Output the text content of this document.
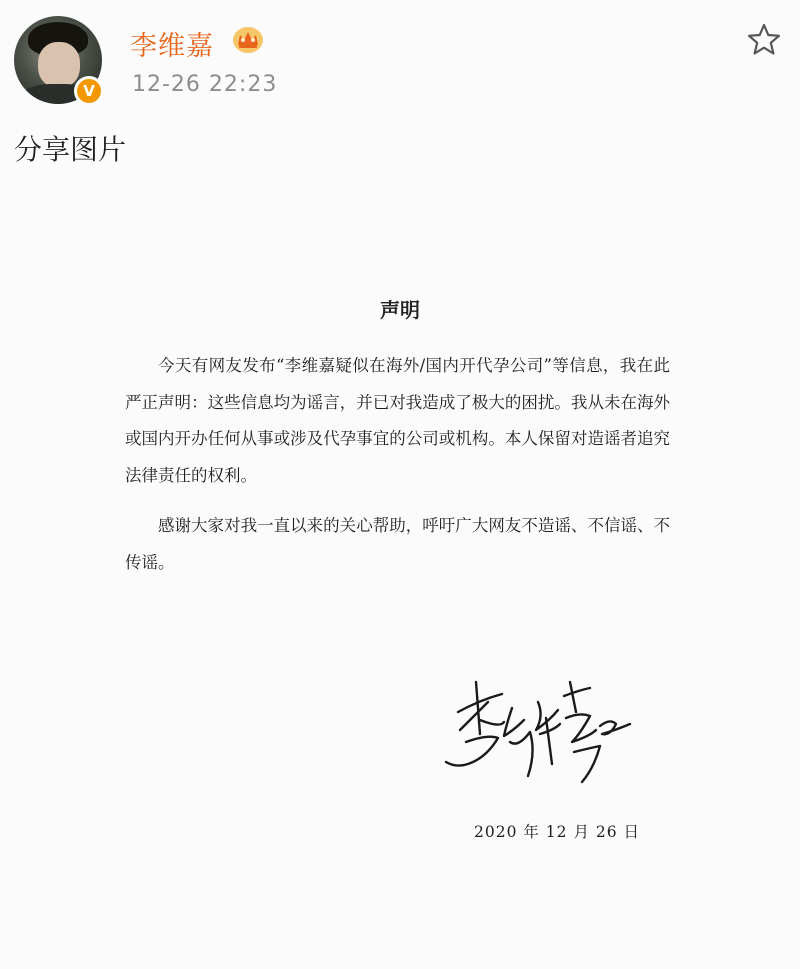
V
李维嘉
12-26 22:23
分享图片
声明
今天有网友发布“李维嘉疑似在海外/国内开代孕公司”等信息，我在此严正声明：这些信息均为谣言，并已对我造成了极大的困扰。我从未在海外或国内开办任何从事或涉及代孕事宜的公司或机构。本人保留对造谣者追究法律责任的权利。
感谢大家对我一直以来的关心帮助，呼吁广大网友不造谣、不信谣、不传谣。
2020 年 12 月 26 日
